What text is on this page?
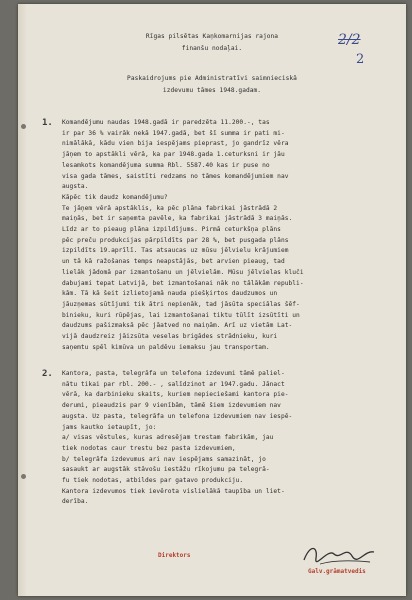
2/2
2
Rīgas pilsētas Kaņkomarnijas rajona
finanšu nodaļai.
Paskaidrojums pie Administratīvi saimnieciskā
izdevumu tāmes 1948.gadam.
1. Komandējumu naudas 1948.gadā ir paredzēta 11.200.-, tas
ir par 36 % vairāk nekā 1947.gadā, bet šī summa ir pati mi-
nimālākā, kādu vien bija iespējams pieprast, jo gandrīz vēra
jāņem to apstākli vērā, ka par 1948.gada 1.ceturksni ir jāu
lesamkots komandējuma summa Rbl. 5587.40 kas ir puse no
visa gada tāmes, saistīti redzams no tāmes komandējumiem nav
augsta.
Kāpēc tik daudz komandējumu?
Te jāņem vērā apstāklis, ka pēc plāna fabrikai jāstrādā 2
maiņās, bet ir saņemta pavēle, ka fabrikai jāstrādā 3 maiņās.
Līdz ar to pieaug plāna izpildījums. Pirmā ceturkšņa plāns
pēc preču produkcijas pārpildīts par 28 %, bet pusgada plāns
izpildīts 19.aprīlī. Tas atsaucas uz mūsu jēlvielu krājumiem
un tā kā ražošanas temps neapstājās, bet arvien pieaug, tad
lielāk jādomā par izmantošanu un jēlvielām. Mūsu jēlvielas kluči
dabujami tepat Latvijā, bet izmantošanai nāk no tālākām republi-
kām. Tā kā šeit izlietojamā nauda piešķirtos daudzumos un
jāuzņemas sūtījumi tik ātri nepienāk, tad jāsūta speciālas šēf-
binieku, kuri rūpējas, lai izmantošanai tiktu tūlīt izsūtīti un
daudzums pašizmaksā pēc jāatved no maiņām. Arī uz vietām Lat-
vijā daudzreiz jāizsūta veselas brigādes strādnieku, kuri
saņemtu spēl kimūva un paldēvu iemaksu jau transportam.
2. Kantora, pasta, telegrāfa un telefona izdevumi tāmē paliel-
nātu tikai par rbl. 200.- , salīdzinot ar 1947.gadu. Jānact
vērā, ka darbinieku skaits, kuriem nepieciešami kantora pie-
derumi, pieaudzis par 9 vienībām, tāmē šiem izdevumiem nav
augsta. Uz pasta, telegrāfa un telefona izdevumiem nav iespē-
jams kautko ietaupīt, jo:
a/ visas vēstules, kuras adresējam trestam fabrikām, jau
tiek nodotas caur trestu bez pasta izdevumiem,
b/ telegrāfa izdevumus ari nav iespējams samazināt, jo
sasaukt ar augstāk stāvošu iestāžu rīkojumu pa telegrā-
fu tiek nodotas, atbildes par gatavo produkciju.
Kantora izdevumos tiek ievērota vislielākā taupība un liet-
derība.
Direktors
Galv.grāmatvedis
